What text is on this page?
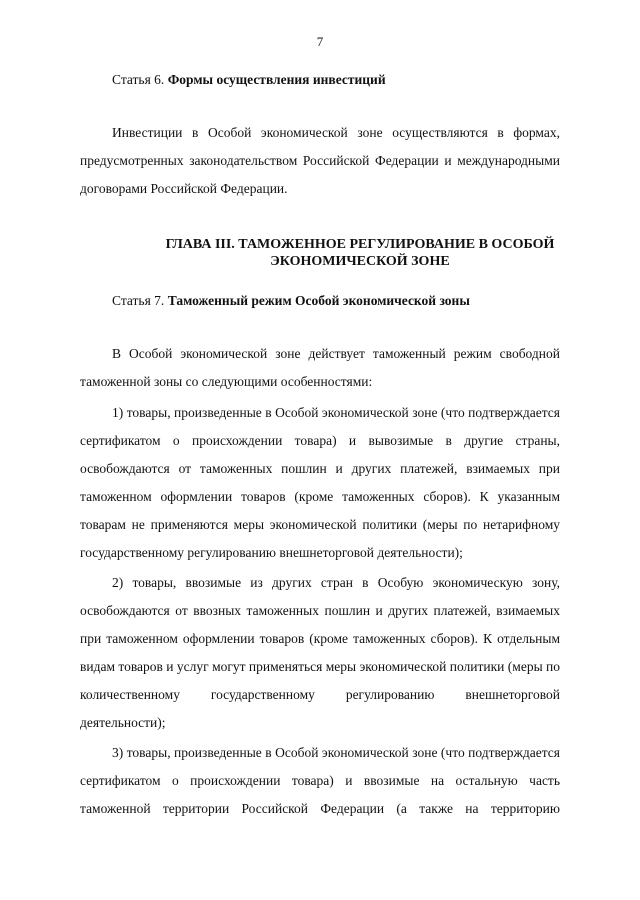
7
Статья 6. Формы осуществления инвестиций
Инвестиции в Особой экономической зоне осуществляются в формах,
предусмотренных законодательством Российской Федерации и международными
договорами Российской Федерации.
ГЛАВА III. ТАМОЖЕННОЕ РЕГУЛИРОВАНИЕ В ОСОБОЙ
ЭКОНОМИЧЕСКОЙ ЗОНЕ
Статья 7. Таможенный режим Особой экономической зоны
В Особой экономической зоне действует таможенный режим свободной
таможенной зоны со следующими особенностями:
1) товары, произведенные в Особой экономической зоне (что подтверждается
сертификатом о происхождении товара) и вывозимые в другие страны,
освобождаются от таможенных пошлин и других платежей, взимаемых при
таможенном оформлении товаров (кроме таможенных сборов). К указанным
товарам не применяются меры экономической политики (меры по нетарифному
государственному регулированию внешнеторговой деятельности);
2) товары, ввозимые из других стран в Особую экономическую зону,
освобождаются от ввозных таможенных пошлин и других платежей, взимаемых
при таможенном оформлении товаров (кроме таможенных сборов). К отдельным
видам товаров и услуг могут применяться меры экономической политики (меры по
количественному государственному регулированию внешнеторговой
деятельности);
3) товары, произведенные в Особой экономической зоне (что подтверждается
сертификатом о происхождении товара) и ввозимые на остальную часть
таможенной территории Российской Федерации (а также на территорию
